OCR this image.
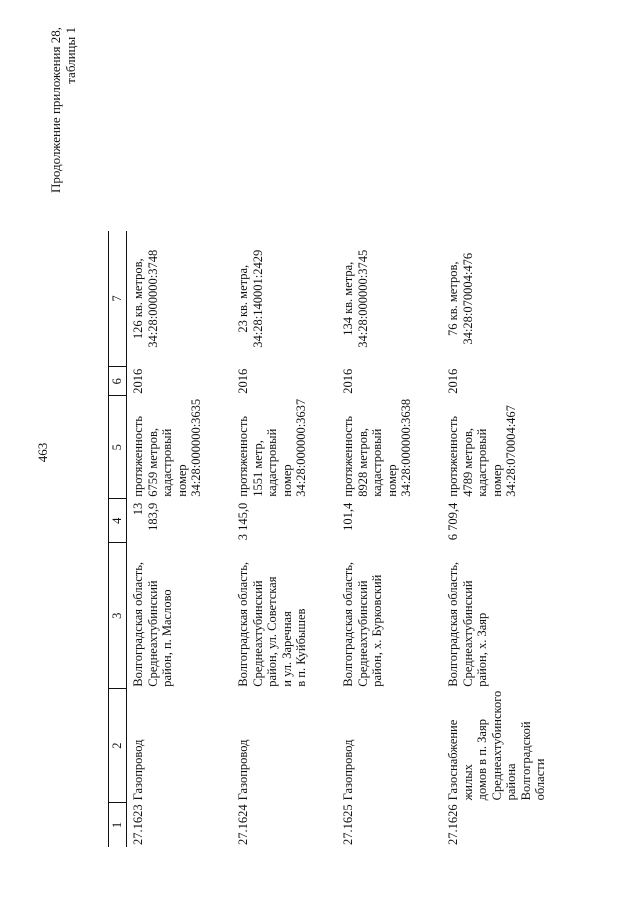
463
Продолжение приложения 28, таблицы 1
1	2	3	4	5	6	7
27.1623	Газопровод	Волгоградская область,
Среднеахтубинский
район, п. Маслово	13 183,9	протяженность
6759 метров,
кадастровый
номер
34:28:000000:3635	2016	126 кв. метров,
34:28:000000:3748
27.1624	Газопровод	Волгоградская область,
Среднеахтубинский
район, ул. Советская
и ул. Заречная
в п. Куйбышев	3 145,0	протяженность
1551 метр,
кадастровый
номер
34:28:000000:3637	2016	23 кв. метра,
34:28:140001:2429
27.1625	Газопровод	Волгоградская область,
Среднеахтубинский
район, х. Бурковский	101,4	протяженность
8928 метров,
кадастровый
номер
34:28:000000:3638	2016	134 кв. метра,
34:28:000000:3745
27.1626	Газоснабжение жилых
домов в п. Заяр
Среднеахтубинского
района Волгоградской
области	Волгоградская область,
Среднеахтубинский
район, х. Заяр	6 709,4	протяженность
4789 метров,
кадастровый
номер
34:28:070004:467	2016	76 кв. метров,
34:28:070004:476
